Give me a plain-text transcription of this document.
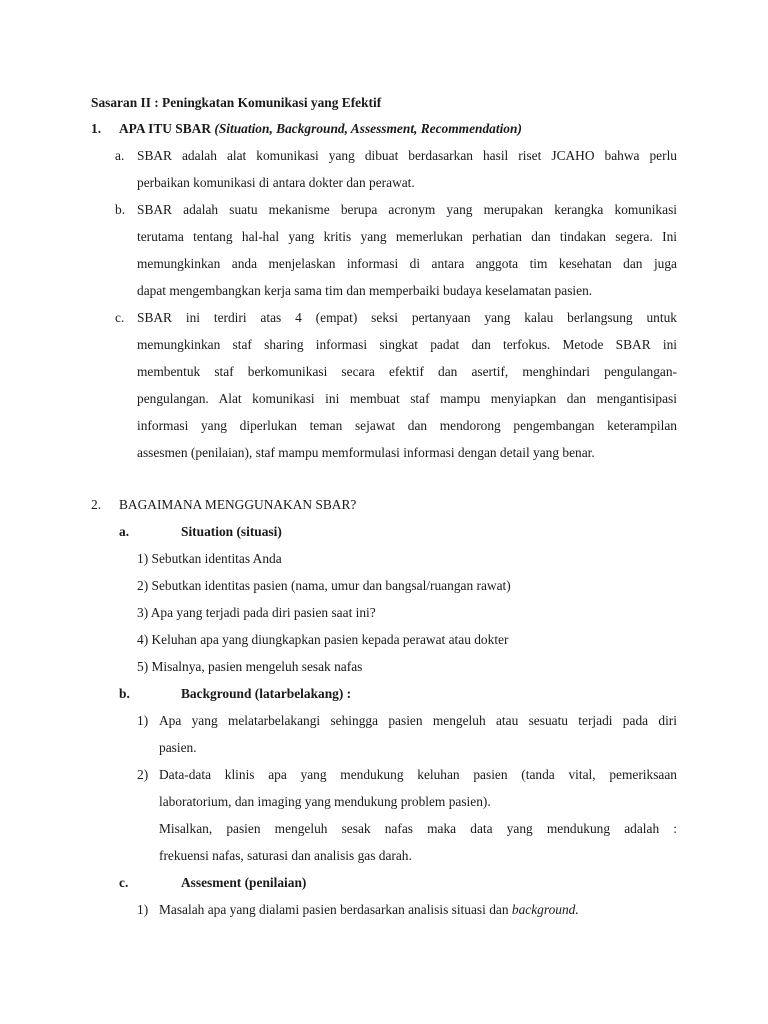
Sasaran II : Peningkatan Komunikasi yang Efektif
1. APA ITU SBAR (Situation, Background, Assessment, Recommendation)
a. SBAR adalah alat komunikasi yang dibuat berdasarkan hasil riset JCAHO bahwa perlu
perbaikan komunikasi di antara dokter dan perawat.
b. SBAR adalah suatu mekanisme berupa acronym yang merupakan kerangka komunikasi
terutama tentang hal-hal yang kritis yang memerlukan perhatian dan tindakan segera. Ini
memungkinkan anda menjelaskan informasi di antara anggota tim kesehatan dan juga
dapat mengembangkan kerja sama tim dan memperbaiki budaya keselamatan pasien.
c. SBAR ini terdiri atas 4 (empat) seksi pertanyaan yang kalau berlangsung untuk
memungkinkan staf sharing informasi singkat padat dan terfokus. Metode SBAR ini
membentuk staf berkomunikasi secara efektif dan asertif, menghindari pengulangan-
pengulangan. Alat komunikasi ini membuat staf mampu menyiapkan dan mengantisipasi
informasi yang diperlukan teman sejawat dan mendorong pengembangan keterampilan
assesmen (penilaian), staf mampu memformulasi informasi dengan detail yang benar.
2. BAGAIMANA MENGGUNAKAN SBAR?
a.	Situation (situasi)
1) Sebutkan identitas Anda
2) Sebutkan identitas pasien (nama, umur dan bangsal/ruangan rawat)
3) Apa yang terjadi pada diri pasien saat ini?
4) Keluhan apa yang diungkapkan pasien kepada perawat atau dokter
5) Misalnya, pasien mengeluh sesak nafas
b.	Background (latarbelakang) :
1) Apa yang melatarbelakangi sehingga pasien mengeluh atau sesuatu terjadi pada diri
pasien.
2) Data-data klinis apa yang mendukung keluhan pasien (tanda vital, pemeriksaan
laboratorium, dan imaging yang mendukung problem pasien).
Misalkan, pasien mengeluh sesak nafas maka data yang mendukung adalah :
frekuensi nafas, saturasi dan analisis gas darah.
c.	Assesment (penilaian)
1) Masalah apa yang dialami pasien berdasarkan analisis situasi dan background.
